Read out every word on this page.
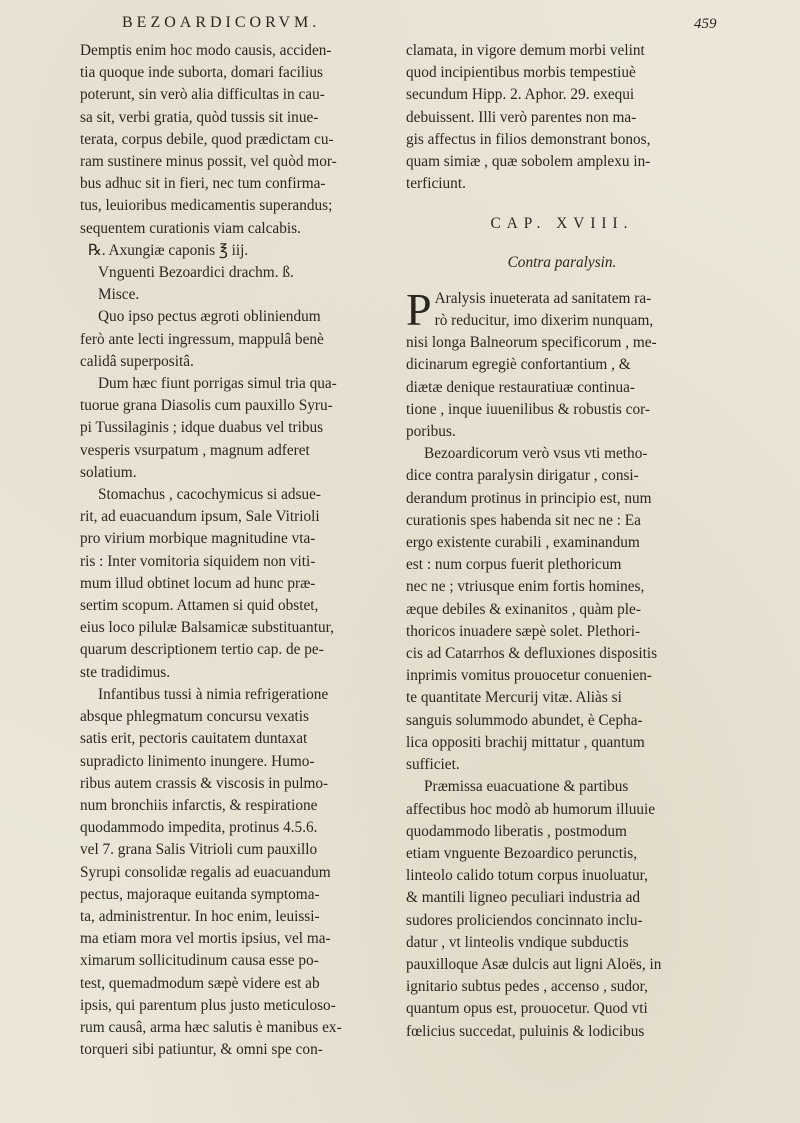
BEZOARDICORVM.	459
Demptis enim hoc modo causis, acciden-
tia quoque inde suborta, domari facilius
poterunt, sin verò alia difficultas in cau-
sa sit, verbi gratia, quòd tussis sit inue-
terata, corpus debile, quod prædictam cu-
ram sustinere minus possit, vel quòd mor-
bus adhuc sit in fieri, nec tum confirma-
tus, leuioribus medicamentis superandus;
sequentem curationis viam calcabis.
℞. Axungiæ caponis ℥ iij.
Vnguenti Bezoardici drachm. ß.
Misce.
Quo ipso pectus ægroti obliniendum
ferò ante lecti ingressum, mappulâ benè
calidâ superpositâ.
Dum hæc fiunt porrigas simul tria qua-
tuorue grana Diasolis cum pauxillo Syru-
pi Tussilaginis ; idque duabus vel tribus
vesperis vsurpatum , magnum adferet
solatium.
Stomachus , cacochymicus si adsue-
rit, ad euacuandum ipsum, Sale Vitrioli
pro virium morbique magnitudine vta-
ris : Inter vomitoria siquidem non viti-
mum illud obtinet locum ad hunc præ-
sertim scopum. Attamen si quid obstet,
eius loco pilulæ Balsamicæ substituantur,
quarum descriptionem tertio cap. de pe-
ste tradidimus.
Infantibus tussi à nimia refrigeratione
absque phlegmatum concursu vexatis
satis erit, pectoris cauitatem duntaxat
supradicto linimento inungere. Humo-
ribus autem crassis & viscosis in pulmo-
num bronchiis infarctis, & respiratione
quodammodo impedita, protinus 4.5.6.
vel 7. grana Salis Vitrioli cum pauxillo
Syrupi consolidæ regalis ad euacuandum
pectus, majoraque euitanda symptoma-
ta, administrentur. In hoc enim, leuissi-
ma etiam mora vel mortis ipsius, vel ma-
ximarum sollicitudinum causa esse po-
test, quemadmodum sæpè videre est ab
ipsis, qui parentum plus justo meticuloso-
rum causâ, arma hæc salutis è manibus ex-
torqueri sibi patiuntur, & omni spe con-
clamata, in vigore demum morbi velint
quod incipientibus morbis tempestiuè
secundum Hipp. 2. Aphor. 29. exequi
debuissent. Illi verò parentes non ma-
gis affectus in filios demonstrant bonos,
quam simiæ , quæ sobolem amplexu in-
terficiunt.
CAP. XVIII.
Contra paralysin.
P Aralysis inueterata ad sanitatem ra-
rò reducitur, imo dixerim nunquam,
nisi longa Balneorum specificorum , me-
dicinarum egregiè confortantium , &
diætæ denique restauratiuæ continua-
tione , inque iuuenilibus & robustis cor-
poribus.
Bezoardicorum verò vsus vti metho-
dice contra paralysin dirigatur , consi-
derandum protinus in principio est, num
curationis spes habenda sit nec ne : Ea
ergo existente curabili , examinandum
est : num corpus fuerit plethoricum
nec ne ; vtriusque enim fortis homines,
æque debiles & exinanitos , quàm ple-
thoricos inuadere sæpè solet. Plethori-
cis ad Catarrhos & defluxiones dispositis
inprimis vomitus prouocetur conuenien-
te quantitate Mercurij vitæ. Aliàs si
sanguis solummodo abundet, è Cepha-
lica oppositi brachij mittatur , quantum
sufficiet.
Præmissa euacuatione & partibus
affectibus hoc modò ab humorum illuuie
quodammodo liberatis , postmodum
etiam vnguente Bezoardico perunctis,
linteolo calido totum corpus inuoluatur,
& mantili ligneo peculiari industria ad
sudores proliciendos concinnato inclu-
datur , vt linteolis vndique subductis
pauxilloque Asæ dulcis aut ligni Aloës, in
ignitario subtus pedes , accenso , sudor,
quantum opus est, prouocetur. Quod vti
fœlicius succedat, puluinis & lodicibus
